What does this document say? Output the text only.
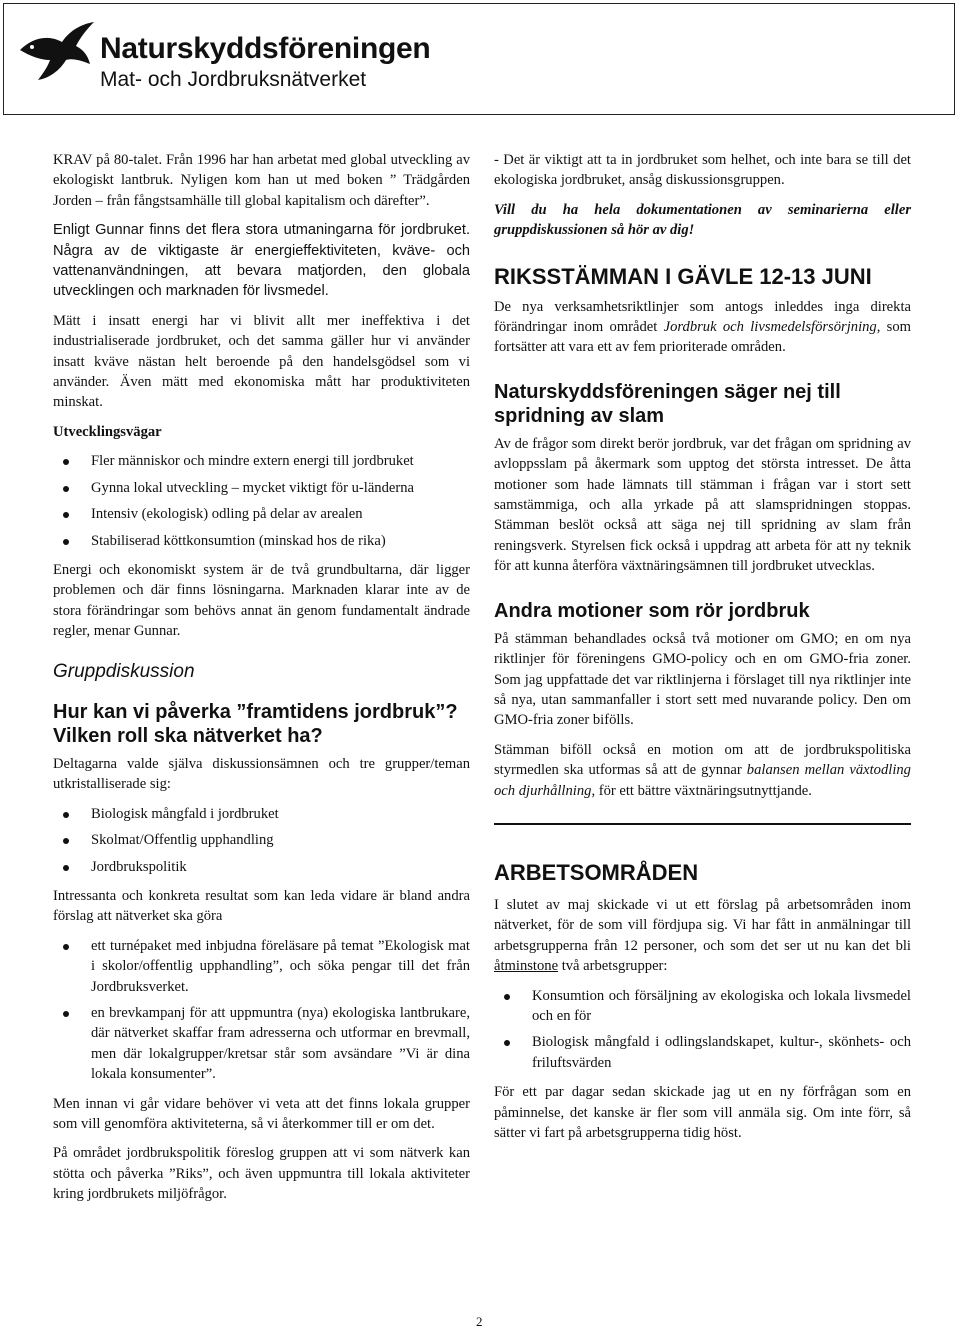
Naturskyddsföreningen
Mat- och Jordbruksnätverket

KRAV på 80-talet. Från 1996 har han arbetat med global utveckling av ekologiskt lantbruk. Nyligen kom han ut med boken ” Trädgården Jorden – från fångstsamhälle till global kapitalism och därefter”.

Enligt Gunnar finns det flera stora utmaningarna för jordbruket. Några av de viktigaste är energieffektiviteten, kväve- och vattenanvändningen, att bevara matjorden, den globala utvecklingen och marknaden för livsmedel.

Mätt i insatt energi har vi blivit allt mer ineffektiva i det industrialiserade jordbruket, och det samma gäller hur vi använder insatt kväve nästan helt beroende på den handelsgödsel som vi använder. Även mätt med ekonomiska mått har produktiviteten minskat.

Utvecklingsvägar
Fler människor och mindre extern energi till jordbruket
Gynna lokal utveckling – mycket viktigt för u-länderna
Intensiv (ekologisk) odling på delar av arealen
Stabiliserad köttkonsumtion (minskad hos de rika)

Energi och ekonomiskt system är de två grundbultarna, där ligger problemen och där finns lösningarna. Marknaden klarar inte av de stora förändringar som behövs annat än genom fundamentalt ändrade regler, menar Gunnar.

Gruppdiskussion
Hur kan vi påverka ”framtidens jordbruk”? Vilken roll ska nätverket ha?

Deltagarna valde själva diskussionsämnen och tre grupper/teman utkristalliserade sig:

Biologisk mångfald i jordbruket
Skolmat/Offentlig upphandling
Jordbrukspolitik

Intressanta och konkreta resultat som kan leda vidare är bland andra förslag att nätverket ska göra

ett turnépaket med inbjudna föreläsare på temat ”Ekologisk mat i skolor/offentlig upphandling”, och söka pengar till det från Jordbruksverket.
en brevkampanj för att uppmuntra (nya) ekologiska lantbrukare, där nätverket skaffar fram adresserna och utformar en brevmall, men där lokalgrupper/kretsar står som avsändare ”Vi är dina lokala konsumenter”.

Men innan vi går vidare behöver vi veta att det finns lokala grupper som vill genomföra aktiviteterna, så vi återkommer till er om det.

På området jordbrukspolitik föreslog gruppen att vi som nätverk kan stötta och påverka ”Riks”, och även uppmuntra till lokala aktiviteter kring jordbrukets miljöfrågor.

- Det är viktigt att ta in jordbruket som helhet, och inte bara se till det ekologiska jordbruket, ansåg diskussionsgruppen.

Vill du ha hela dokumentationen av seminarierna eller gruppdiskussionen så hör av dig!

RIKSSTÄMMAN I GÄVLE 12-13 JUNI

De nya verksamhetsriktlinjer som antogs inleddes inga direkta förändringar inom området Jordbruk och livsmedelsförsörjning, som fortsätter att vara ett av fem prioriterade områden.

Naturskyddsföreningen säger nej till spridning av slam

Av de frågor som direkt berör jordbruk, var det frågan om spridning av avloppsslam på åkermark som upptog det största intresset. De åtta motioner som hade lämnats till stämman i frågan var i stort sett samstämmiga, och alla yrkade på att slamspridningen stoppas. Stämman beslöt också att säga nej till spridning av slam från reningsverk. Styrelsen fick också i uppdrag att arbeta för att ny teknik för att kunna återföra växtnäringsämnen till jordbruket utvecklas.

Andra motioner som rör jordbruk

På stämman behandlades också två motioner om GMO; en om nya riktlinjer för föreningens GMO-policy och en om GMO-fria zoner. Som jag uppfattade det var riktlinjerna i förslaget till nya riktlinjer inte så nya, utan sammanfaller i stort sett med nuvarande policy. Den om GMO-fria zoner bifölls.

Stämman biföll också en motion om att de jordbrukspolitiska styrmedlen ska utformas så att de gynnar balansen mellan växtodling och djurhållning, för ett bättre växtnäringsutnyttjande.

ARBETSOMRÅDEN

I slutet av maj skickade vi ut ett förslag på arbetsområden inom nätverket, för de som vill fördjupa sig. Vi har fått in anmälningar till arbetsgrupperna från 12 personer, och som det ser ut nu kan det bli åtminstone två arbetsgrupper:

Konsumtion och försäljning av ekologiska och lokala livsmedel och en för
Biologisk mångfald i odlingslandskapet, kultur-, skönhets- och friluftsvärden

För ett par dagar sedan skickade jag ut en ny förfrågan som en påminnelse, det kanske är fler som vill anmäla sig. Om inte förr, så sätter vi fart på arbetsgrupperna tidig höst.

2
